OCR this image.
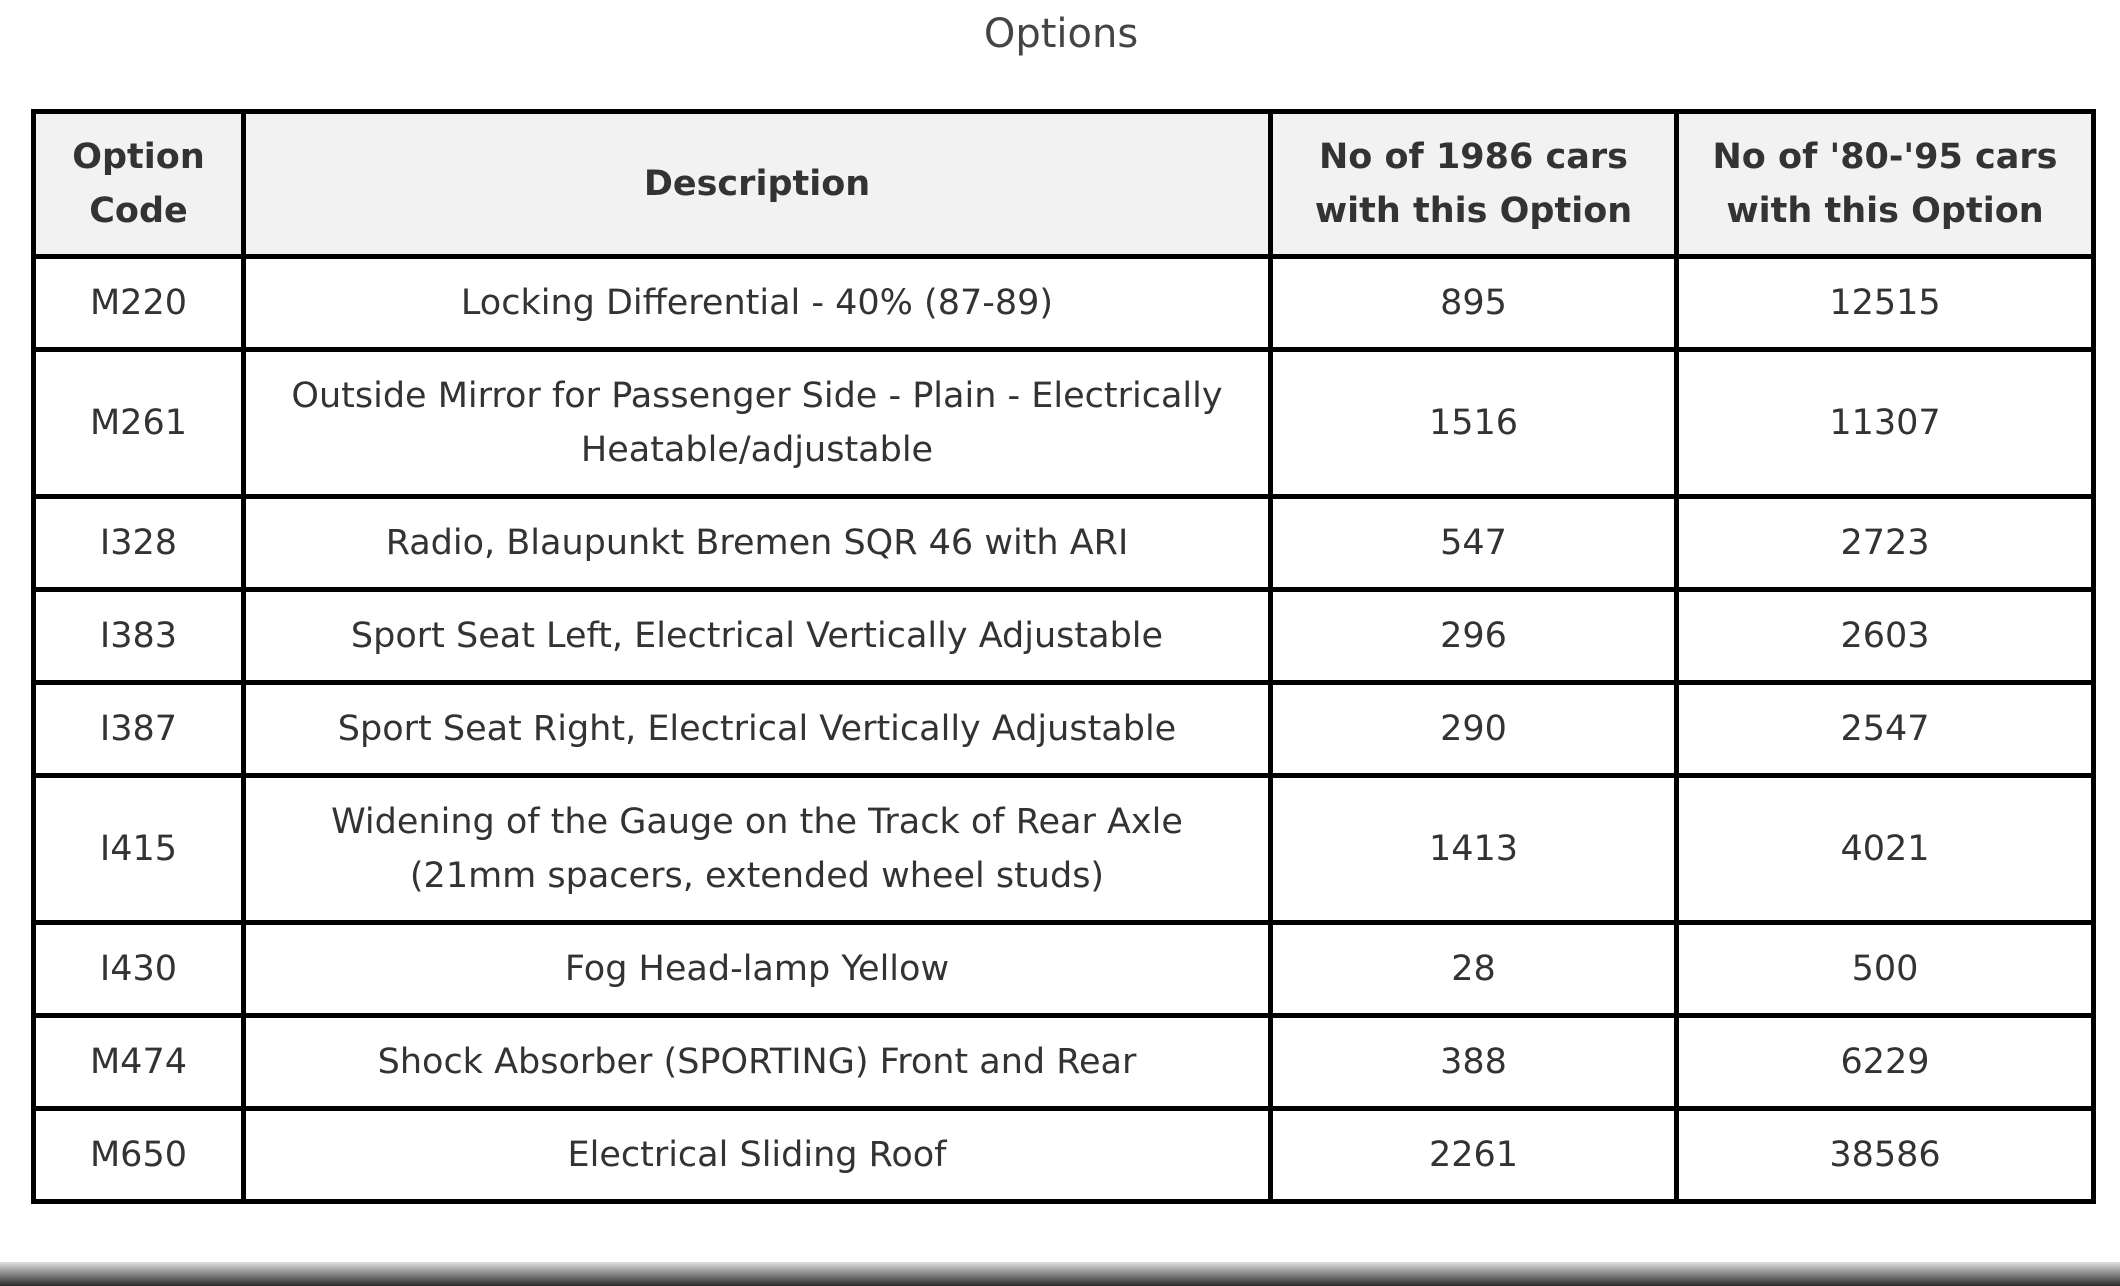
Options
Option Code	Description	No of 1986 cars with this Option	No of '80-'95 cars with this Option
M220	Locking Differential - 40% (87-89)	895	12515
M261	Outside Mirror for Passenger Side - Plain - Electrically Heatable/adjustable	1516	11307
I328	Radio, Blaupunkt Bremen SQR 46 with ARI	547	2723
I383	Sport Seat Left, Electrical Vertically Adjustable	296	2603
I387	Sport Seat Right, Electrical Vertically Adjustable	290	2547
I415	Widening of the Gauge on the Track of Rear Axle (21mm spacers, extended wheel studs)	1413	4021
I430	Fog Head-lamp Yellow	28	500
M474	Shock Absorber (SPORTING) Front and Rear	388	6229
M650	Electrical Sliding Roof	2261	38586
